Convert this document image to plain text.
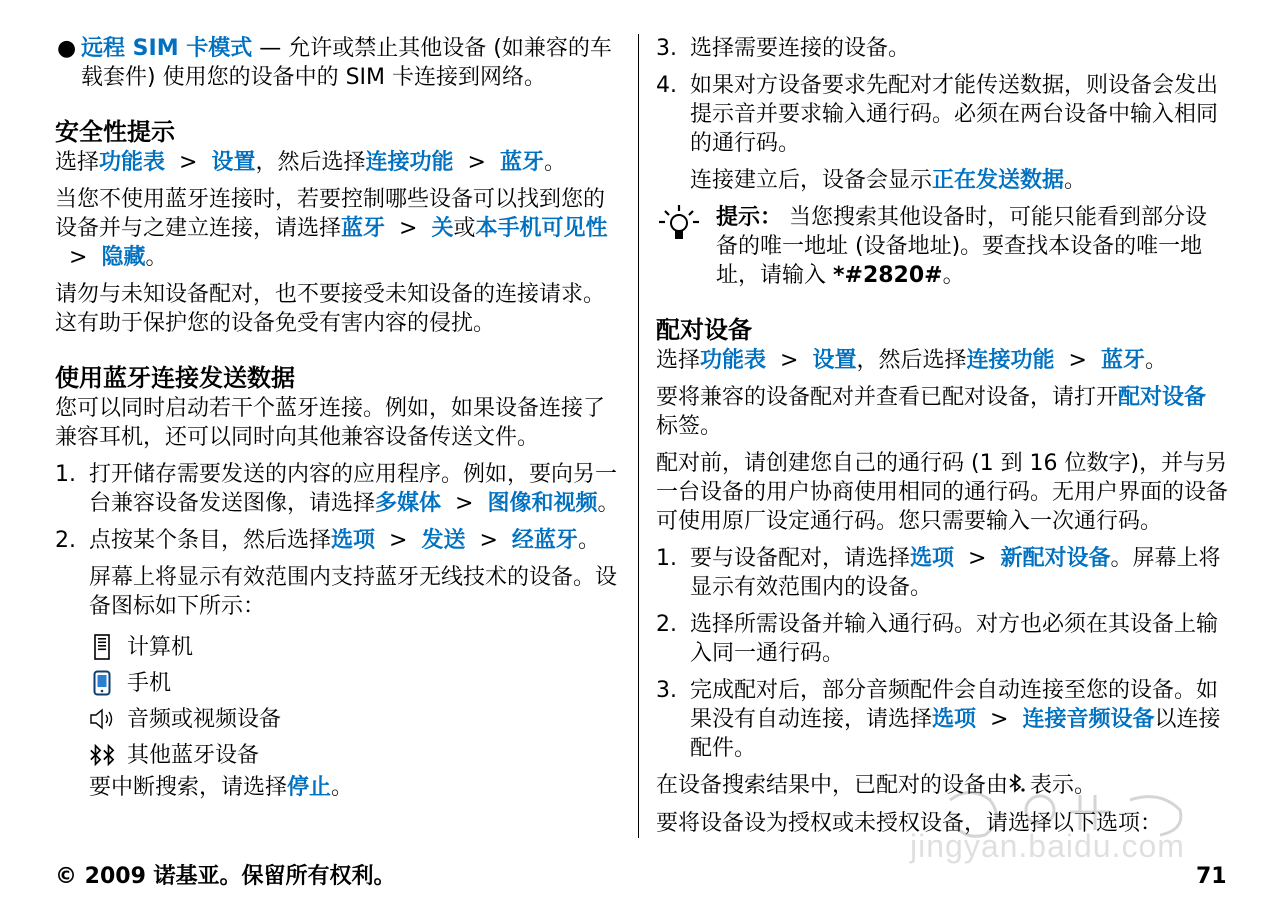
● 远程 SIM 卡模式 — 允许或禁止其他设备 (如兼容的车载套件) 使用您的设备中的 SIM 卡连接到网络。

安全性提示

选择功能表 > 设置，然后选择连接功能 > 蓝牙。

当您不使用蓝牙连接时，若要控制哪些设备可以找到您的设备并与之建立连接，请选择蓝牙 > 关或本手机可见性> 隐藏。

请勿与未知设备配对，也不要接受未知设备的连接请求。这有助于保护您的设备免受有害内容的侵扰。

使用蓝牙连接发送数据

您可以同时启动若干个蓝牙连接。例如，如果设备连接了兼容耳机，还可以同时向其他兼容设备传送文件。

1. 打开储存需要发送的内容的应用程序。例如，要向另一台兼容设备发送图像，请选择多媒体 > 图像和视频。
2. 点按某个条目，然后选择选项 > 发送 > 经蓝牙。

屏幕上将显示有效范围内支持蓝牙无线技术的设备。设备图标如下所示：

计算机
手机
音频或视频设备
其他蓝牙设备

要中断搜索，请选择停止。

3. 选择需要连接的设备。
4. 如果对方设备要求先配对才能传送数据，则设备会发出提示音并要求输入通行码。必须在两台设备中输入相同的通行码。

连接建立后，设备会显示正在发送数据。

提示： 当您搜索其他设备时，可能只能看到部分设备的唯一地址 (设备地址)。要查找本设备的唯一地址，请输入 *#2820#。

配对设备

选择功能表 > 设置，然后选择连接功能 > 蓝牙。

要将兼容的设备配对并查看已配对设备，请打开配对设备标签。

配对前，请创建您自己的通行码 (1 到 16 位数字)，并与另一台设备的用户协商使用相同的通行码。无用户界面的设备可使用原厂设定通行码。您只需要输入一次通行码。

1. 要与设备配对，请选择选项 > 新配对设备。屏幕上将显示有效范围内的设备。
2. 选择所需设备并输入通行码。对方也必须在其设备上输入同一通行码。
3. 完成配对后，部分音频配件会自动连接至您的设备。如果没有自动连接，请选择选项 > 连接音频设备以连接配件。

在设备搜索结果中，已配对的设备由 表示。

要将设备设为授权或未授权设备，请选择以下选项：

jingyan.baidu.com
© 2009 诺基亚。保留所有权利。	71
